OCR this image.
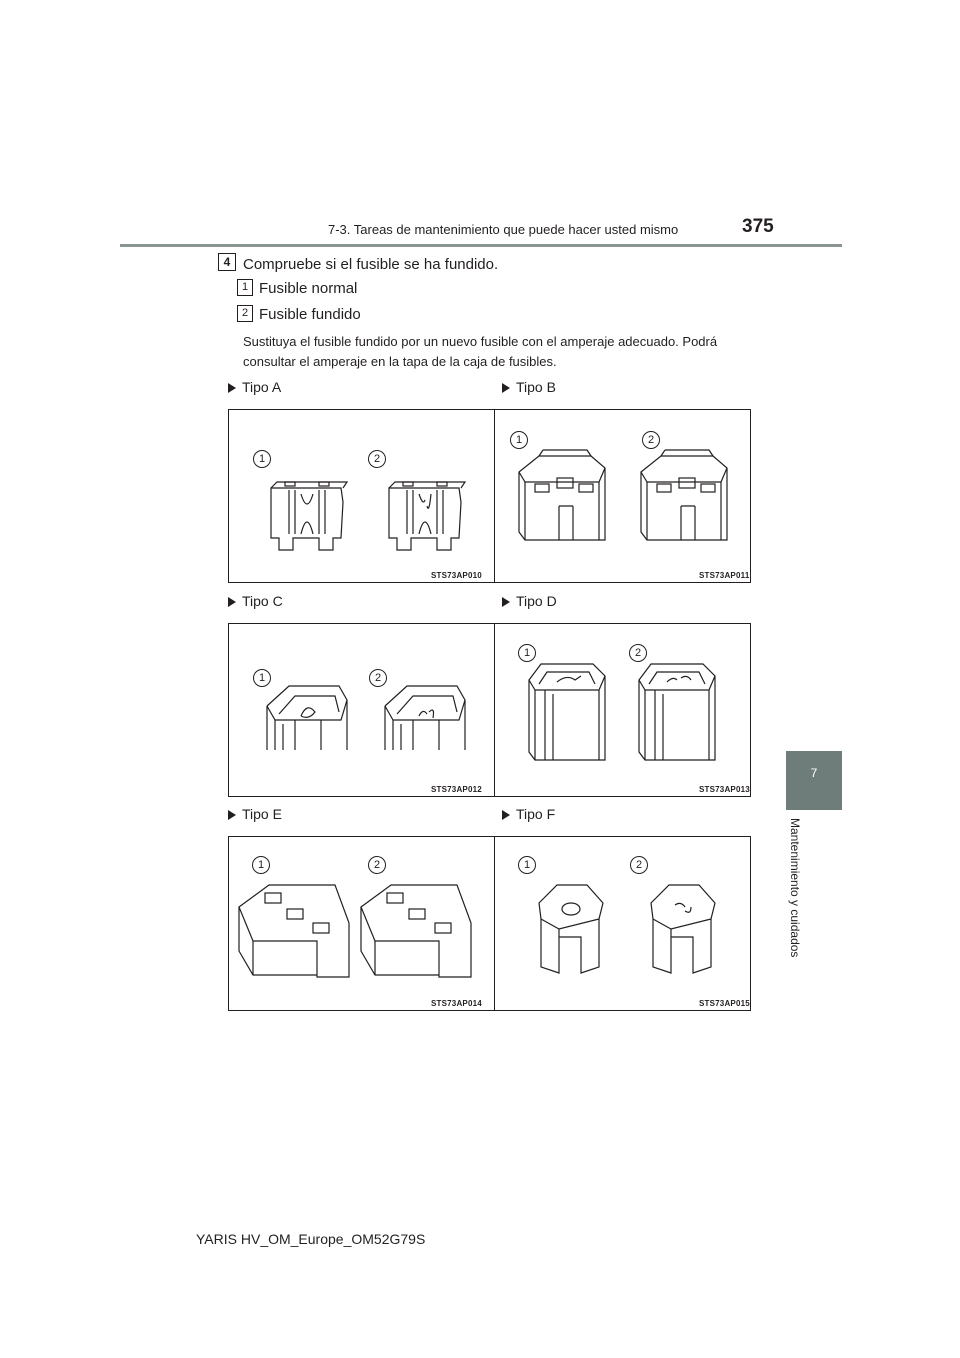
7-3. Tareas de mantenimiento que puede hacer usted mismo	375
7
Mantenimiento y cuidados
4 Compruebe si el fusible se ha fundido.
1 Fusible normal
2 Fusible fundido
Sustituya el fusible fundido por un nuevo fusible con el amperaje adecuado. Podrá consultar el amperaje en la tapa de la caja de fusibles.
Tipo A	Tipo B
Tipo C	Tipo D
Tipo E	Tipo F
1	2
STS73AP010
1	2
STS73AP011
1	2
STS73AP012
1	2
STS73AP013
1	2
STS73AP014
1	2
STS73AP015
YARIS HV_OM_Europe_OM52G79S
